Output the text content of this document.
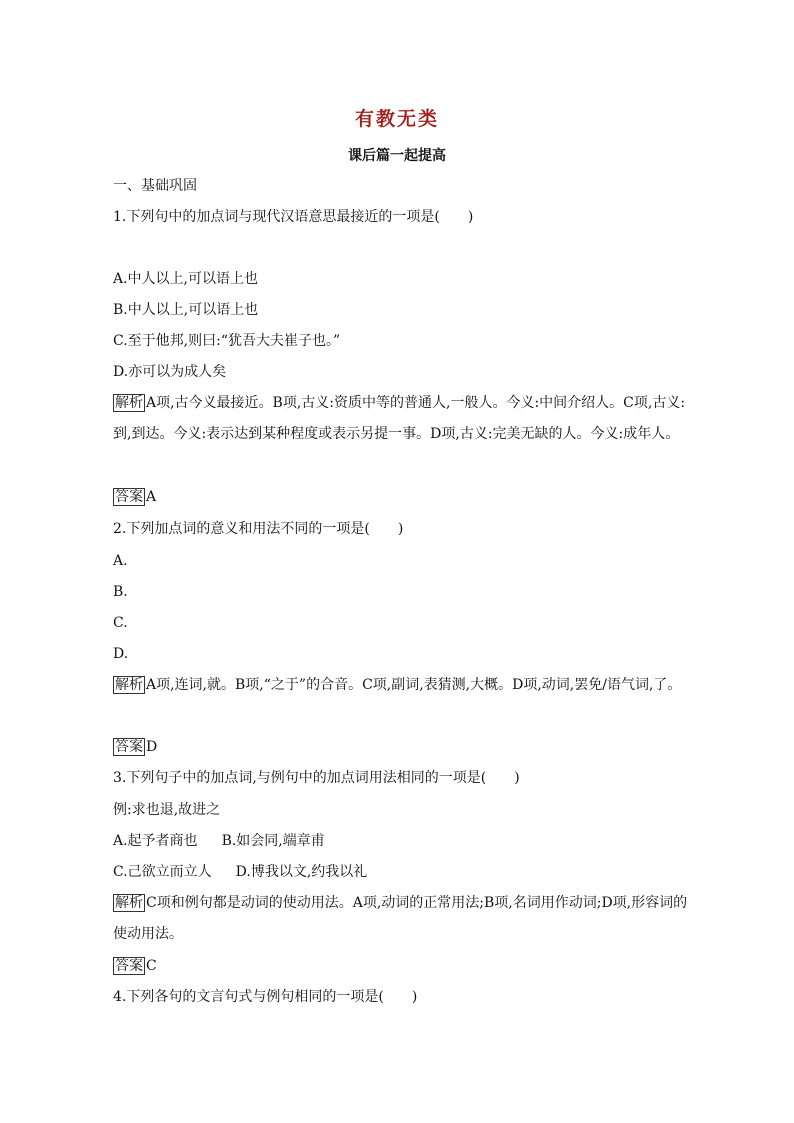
有教无类
课后篇一起提高
一、基础巩固
1.下列句中的加点词与现代汉语意思最接近的一项是(　　)
A.中人以上,可以语上也
B.中人以上,可以语上也
C.至于他邦,则曰:“犹吾大夫崔子也。”
D.亦可以为成人矣
解析 A项,古今义最接近。B项,古义:资质中等的普通人,一般人。今义:中间介绍人。C项,古义:到,到达。今义:表示达到某种程度或表示另提一事。D项,古义:完美无缺的人。今义:成年人。
答案 A
2.下列加点词的意义和用法不同的一项是(　　)
A.
B.
C.
D.
解析 A项,连词,就。B项,“之于”的合音。C项,副词,表猜测,大概。D项,动词,罢免/语气词,了。
答案 D
3.下列句子中的加点词,与例句中的加点词用法相同的一项是(　　)
例:求也退,故进之
A.起予者商也 B.如会同,端章甫
C.己欲立而立人 D.博我以文,约我以礼
解析 C项和例句都是动词的使动用法。A项,动词的正常用法;B项,名词用作动词;D项,形容词的使动用法。
答案 C
4.下列各句的文言句式与例句相同的一项是(　　)
